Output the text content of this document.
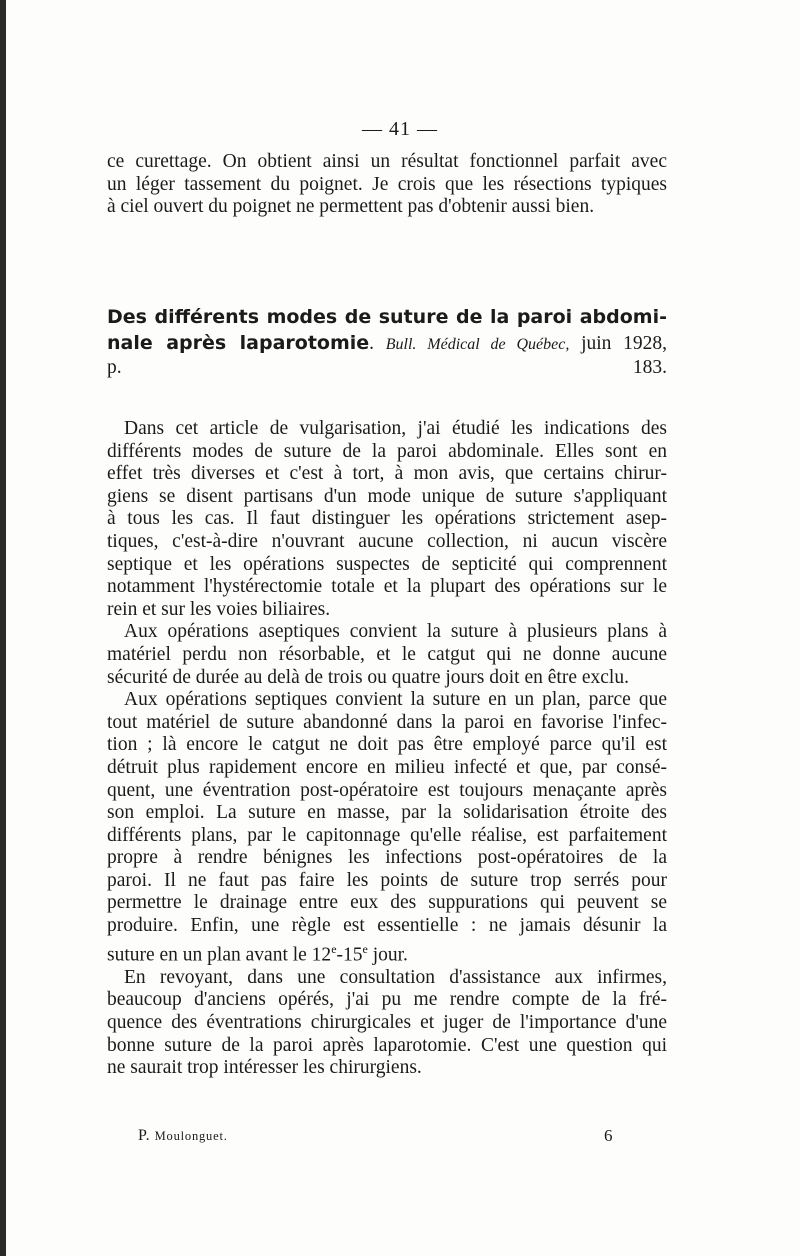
— 41 —
ce curettage. On obtient ainsi un résultat fonctionnel parfait avec
un léger tassement du poignet. Je crois que les résections typiques
à ciel ouvert du poignet ne permettent pas d'obtenir aussi bien.
Des différents modes de suture de la paroi abdomi-
nale après laparotomie. Bull. Médical de Québec, juin 1928,
p. 183.
Dans cet article de vulgarisation, j'ai étudié les indications des
différents modes de suture de la paroi abdominale. Elles sont en
effet très diverses et c'est à tort, à mon avis, que certains chirur-
giens se disent partisans d'un mode unique de suture s'appliquant
à tous les cas. Il faut distinguer les opérations strictement asep-
tiques, c'est-à-dire n'ouvrant aucune collection, ni aucun viscère
septique et les opérations suspectes de septicité qui comprennent
notamment l'hystérectomie totale et la plupart des opérations sur le
rein et sur les voies biliaires.
Aux opérations aseptiques convient la suture à plusieurs plans à
matériel perdu non résorbable, et le catgut qui ne donne aucune
sécurité de durée au delà de trois ou quatre jours doit en être exclu.
Aux opérations septiques convient la suture en un plan, parce que
tout matériel de suture abandonné dans la paroi en favorise l'infec-
tion ; là encore le catgut ne doit pas être employé parce qu'il est
détruit plus rapidement encore en milieu infecté et que, par consé-
quent, une éventration post-opératoire est toujours menaçante après
son emploi. La suture en masse, par la solidarisation étroite des
différents plans, par le capitonnage qu'elle réalise, est parfaitement
propre à rendre bénignes les infections post-opératoires de la
paroi. Il ne faut pas faire les points de suture trop serrés pour
permettre le drainage entre eux des suppurations qui peuvent se
produire. Enfin, une règle est essentielle : ne jamais désunir la
suture en un plan avant le 12e-15e jour.
En revoyant, dans une consultation d'assistance aux infirmes,
beaucoup d'anciens opérés, j'ai pu me rendre compte de la fré-
quence des éventrations chirurgicales et juger de l'importance d'une
bonne suture de la paroi après laparotomie. C'est une question qui
ne saurait trop intéresser les chirurgiens.
P. Moulonguet.	6
